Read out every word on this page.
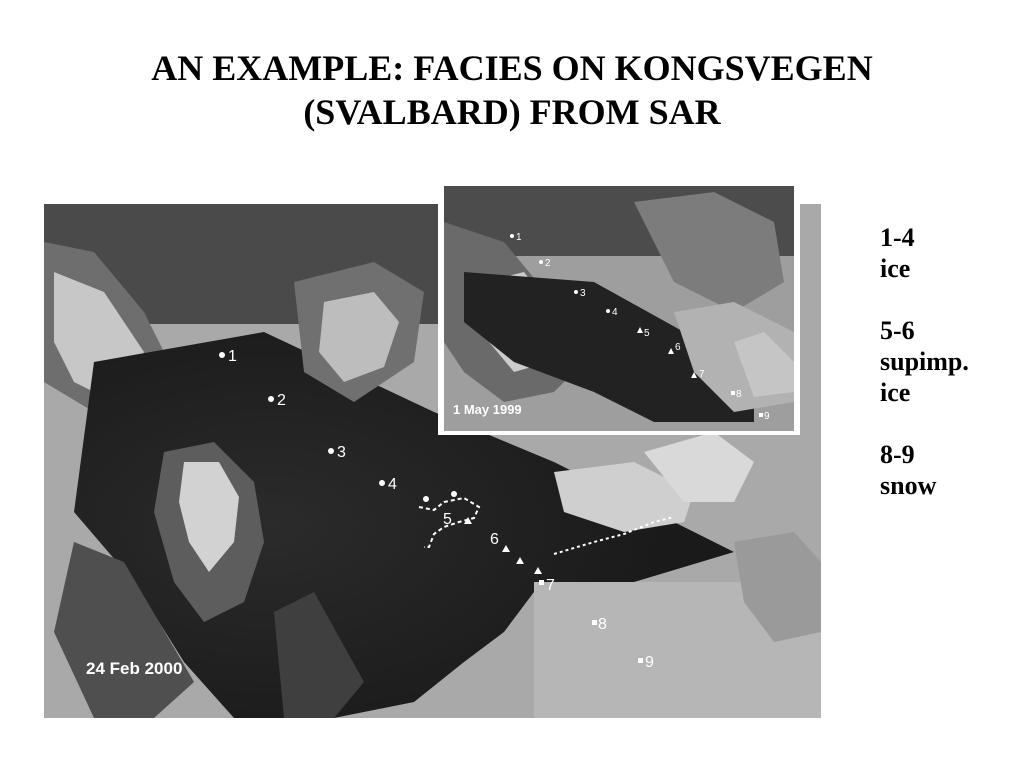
AN EXAMPLE: FACIES ON KONGSVEGEN
(SVALBARD) FROM SAR
1
2
3
4
5
6
7
8
9
24 Feb 2000
1
2
3
4
5
6
7
8
9
1 May 1999
1-4
ice
5-6
supimp.
ice
8-9
snow
